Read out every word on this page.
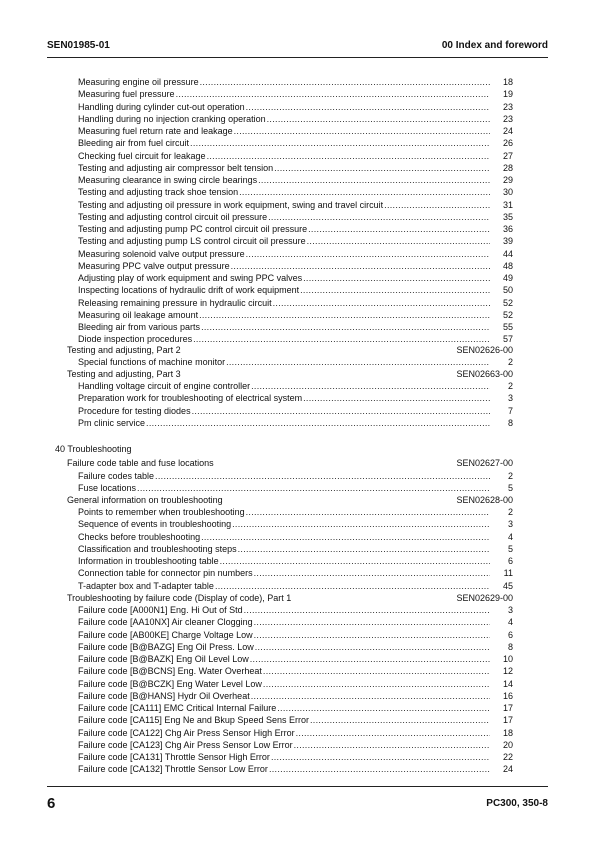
SEN01985-01	00 Index and foreword
Measuring engine oil pressure .....	18
Measuring fuel pressure .....	19
Handling during cylinder cut-out operation .....	23
Handling during no injection cranking operation .....	23
Measuring fuel return rate and leakage .....	24
Bleeding air from fuel circuit .....	26
Checking fuel circuit for leakage .....	27
Testing and adjusting air compressor belt tension .....	28
Measuring clearance in swing circle bearings .....	29
Testing and adjusting track shoe tension .....	30
Testing and adjusting oil pressure in work equipment, swing and travel circuit .....	31
Testing and adjusting control circuit oil pressure .....	35
Testing and adjusting pump PC control circuit oil pressure .....	36
Testing and adjusting pump LS control circuit oil pressure .....	39
Measuring solenoid valve output pressure .....	44
Measuring PPC valve output pressure .....	48
Adjusting play of work equipment and swing PPC valves .....	49
Inspecting locations of hydraulic drift of work equipment .....	50
Releasing remaining pressure in hydraulic circuit .....	52
Measuring oil leakage amount .....	52
Bleeding air from various parts .....	55
Diode inspection procedures .....	57
Testing and adjusting, Part 2	SEN02626-00
Special functions of machine monitor .....	2
Testing and adjusting, Part 3	SEN02663-00
Handling voltage circuit of engine controller .....	2
Preparation work for troubleshooting of electrical system .....	3
Procedure for testing diodes .....	7
Pm clinic service .....	8
40 Troubleshooting
Failure code table and fuse locations	SEN02627-00
Failure codes table .....	2
Fuse locations .....	5
General information on troubleshooting	SEN02628-00
Points to remember when troubleshooting .....	2
Sequence of events in troubleshooting .....	3
Checks before troubleshooting .....	4
Classification and troubleshooting steps .....	5
Information in troubleshooting table .....	6
Connection table for connector pin numbers .....	11
T-adapter box and T-adapter table .....	45
Troubleshooting by failure code (Display of code), Part 1	SEN02629-00
Failure code [A000N1] Eng. Hi Out of Std .....	3
Failure code [AA10NX] Air cleaner Clogging .....	4
Failure code [AB00KE] Charge Voltage Low .....	6
Failure code [B@BAZG] Eng Oil Press. Low .....	8
Failure code [B@BAZK] Eng Oil Level Low .....	10
Failure code [B@BCNS] Eng. Water Overheat .....	12
Failure code [B@BCZK] Eng Water Level Low .....	14
Failure code [B@HANS] Hydr Oil Overheat .....	16
Failure code [CA111] EMC Critical Internal Failure .....	17
Failure code [CA115] Eng Ne and Bkup Speed Sens Error .....	17
Failure code [CA122] Chg Air Press Sensor High Error .....	18
Failure code [CA123] Chg Air Press Sensor Low Error .....	20
Failure code [CA131] Throttle Sensor High Error .....	22
Failure code [CA132] Throttle Sensor Low Error .....	24
6	PC300, 350-8
